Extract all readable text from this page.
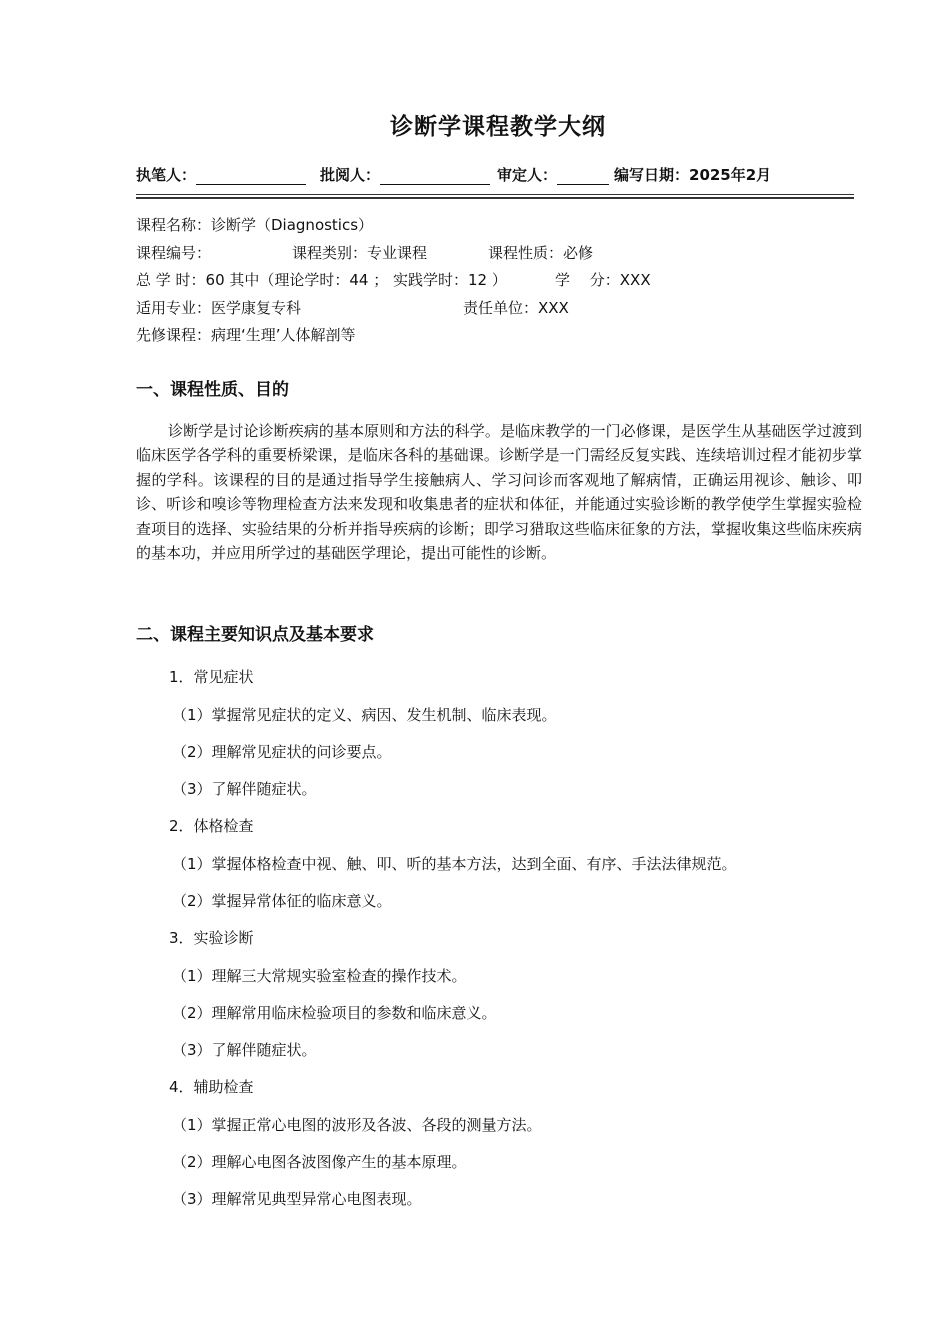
诊断学课程教学大纲
执笔人：	批阅人：	审定人：	编写日期：2025年2月
课程名称：诊断学（Diagnostics）
课程编号：	课程类别：专业课程	课程性质：必修
总 学 时：60 其中（理论学时：44 ； 实践学时：12 ）	学　 分：XXX
适用专业：医学康复专科	责任单位：XXX
先修课程：病理‘生理’人体解剖等
一、课程性质、目的
诊断学是讨论诊断疾病的基本原则和方法的科学。是临床教学的一门必修课，是医学生从基础医学过渡到临床医学各学科的重要桥梁课，是临床各科的基础课。诊断学是一门需经反复实践、连续培训过程才能初步掌握的学科。该课程的目的是通过指导学生接触病人、学习问诊而客观地了解病情，正确运用视诊、触诊、叩诊、听诊和嗅诊等物理检查方法来发现和收集患者的症状和体征，并能通过实验诊断的教学使学生掌握实验检查项目的选择、实验结果的分析并指导疾病的诊断；即学习猎取这些临床征象的方法，掌握收集这些临床疾病的基本功，并应用所学过的基础医学理论，提出可能性的诊断。
二、课程主要知识点及基本要求
1．常见症状
（1）掌握常见症状的定义、病因、发生机制、临床表现。
（2）理解常见症状的问诊要点。
（3）了解伴随症状。
2．体格检查
（1）掌握体格检查中视、触、叩、听的基本方法，达到全面、有序、手法法律规范。
（2）掌握异常体征的临床意义。
3．实验诊断
（1）理解三大常规实验室检查的操作技术。
（2）理解常用临床检验项目的参数和临床意义。
（3）了解伴随症状。
4．辅助检查
（1）掌握正常心电图的波形及各波、各段的测量方法。
（2）理解心电图各波图像产生的基本原理。
（3）理解常见典型异常心电图表现。
